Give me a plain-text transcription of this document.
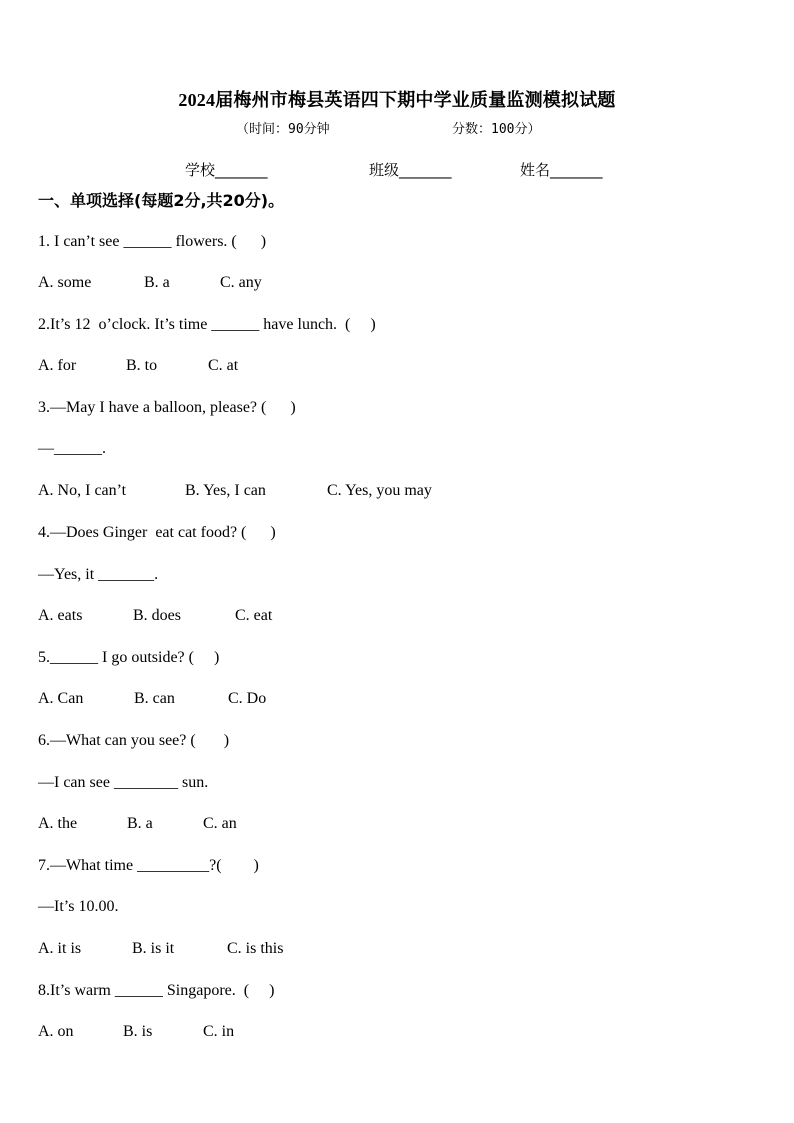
2024届梅州市梅县英语四下期中学业质量监测模拟试题
（时间：90分钟	分数：100分）
学校_______	班级_______	姓名_______
一、单项选择(每题2分,共20分)。
1. I can’t see ______ flowers. (      )
A. some	B. a	C. any
2.It’s 12  o’clock. It’s time ______ have lunch.  (     )
A. for	B. to	C. at
3.—May I have a balloon, please? (      )
—______.
A. No, I can’t	B. Yes, I can	C. Yes, you may
4.—Does Ginger  eat cat food? (      )
—Yes, it _______.
A. eats	B. does	C. eat
5.______ I go outside? (     )
A. Can	B. can	C. Do
6.—What can you see? (       )
—I can see ________ sun.
A. the	B. a	C. an
7.—What time _________?(        )
—It’s 10.00.
A. it is	B. is it	C. is this
8.It’s warm ______ Singapore.  (     )
A. on	B. is	C. in
